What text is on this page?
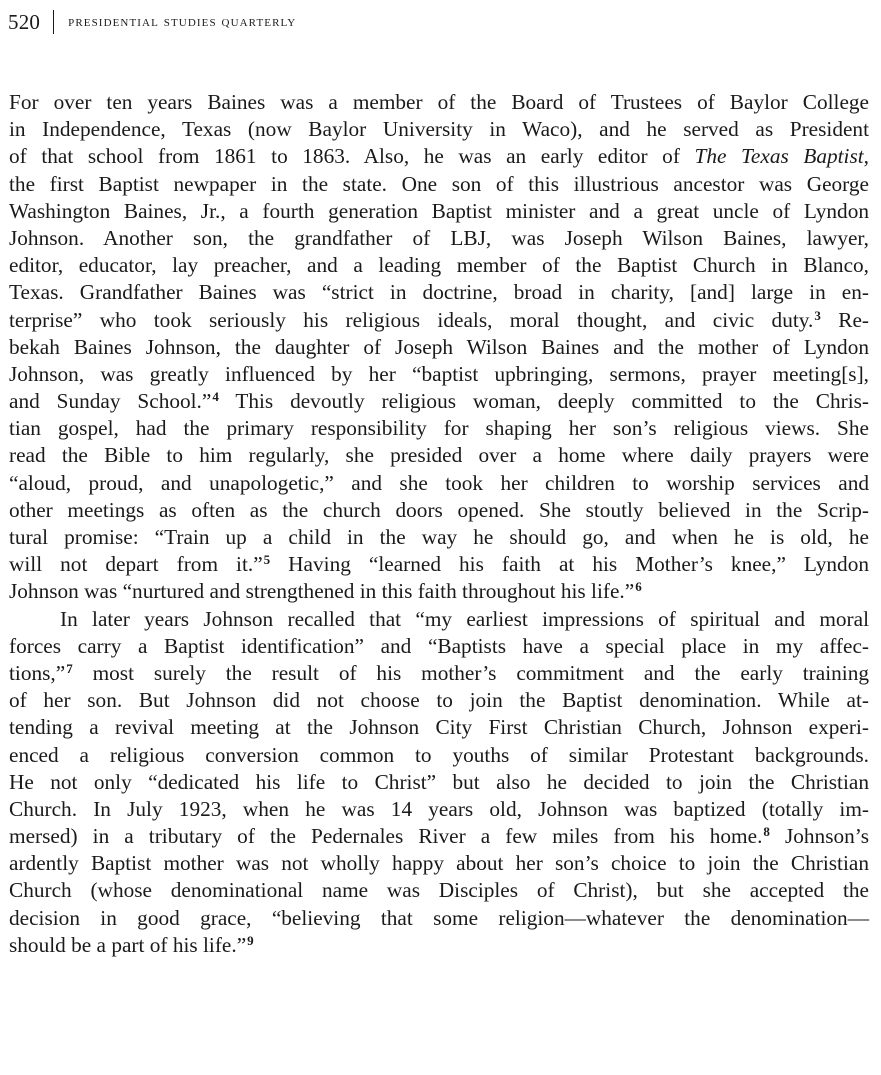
520 presidential studies quarterly
For over ten years Baines was a member of the Board of Trustees of Baylor College
in Independence, Texas (now Baylor University in Waco), and he served as President
of that school from 1861 to 1863. Also, he was an early editor of The Texas Baptist,
the first Baptist newpaper in the state. One son of this illustrious ancestor was George
Washington Baines, Jr., a fourth generation Baptist minister and a great uncle of Lyndon
Johnson. Another son, the grandfather of LBJ, was Joseph Wilson Baines, lawyer,
editor, educator, lay preacher, and a leading member of the Baptist Church in Blanco,
Texas. Grandfather Baines was “strict in doctrine, broad in charity, [and] large in en-
terprise” who took seriously his religious ideals, moral thought, and civic duty.$^3$ Re-
bekah Baines Johnson, the daughter of Joseph Wilson Baines and the mother of Lyndon
Johnson, was greatly influenced by her “baptist upbringing, sermons, prayer meeting[s],
and Sunday School.”$^4$ This devoutly religious woman, deeply committed to the Chris-
tian gospel, had the primary responsibility for shaping her son’s religious views. She
read the Bible to him regularly, she presided over a home where daily prayers were
“aloud, proud, and unapologetic,” and she took her children to worship services and
other meetings as often as the church doors opened. She stoutly believed in the Scrip-
tural promise: “Train up a child in the way he should go, and when he is old, he
will not depart from it.”$^5$ Having “learned his faith at his Mother’s knee,” Lyndon
Johnson was “nurtured and strengthened in this faith throughout his life.”$^6$
In later years Johnson recalled that “my earliest impressions of spiritual and moral
forces carry a Baptist identification” and “Baptists have a special place in my affec-
tions,”$^7$ most surely the result of his mother’s commitment and the early training
of her son. But Johnson did not choose to join the Baptist denomination. While at-
tending a revival meeting at the Johnson City First Christian Church, Johnson experi-
enced a religious conversion common to youths of similar Protestant backgrounds.
He not only “dedicated his life to Christ” but also he decided to join the Christian
Church. In July 1923, when he was 14 years old, Johnson was baptized (totally im-
mersed) in a tributary of the Pedernales River a few miles from his home.$^8$ Johnson’s
ardently Baptist mother was not wholly happy about her son’s choice to join the Christian
Church (whose denominational name was Disciples of Christ), but she accepted the
decision in good grace, “believing that some religion—whatever the denomination—
should be a part of his life.”$^9$
